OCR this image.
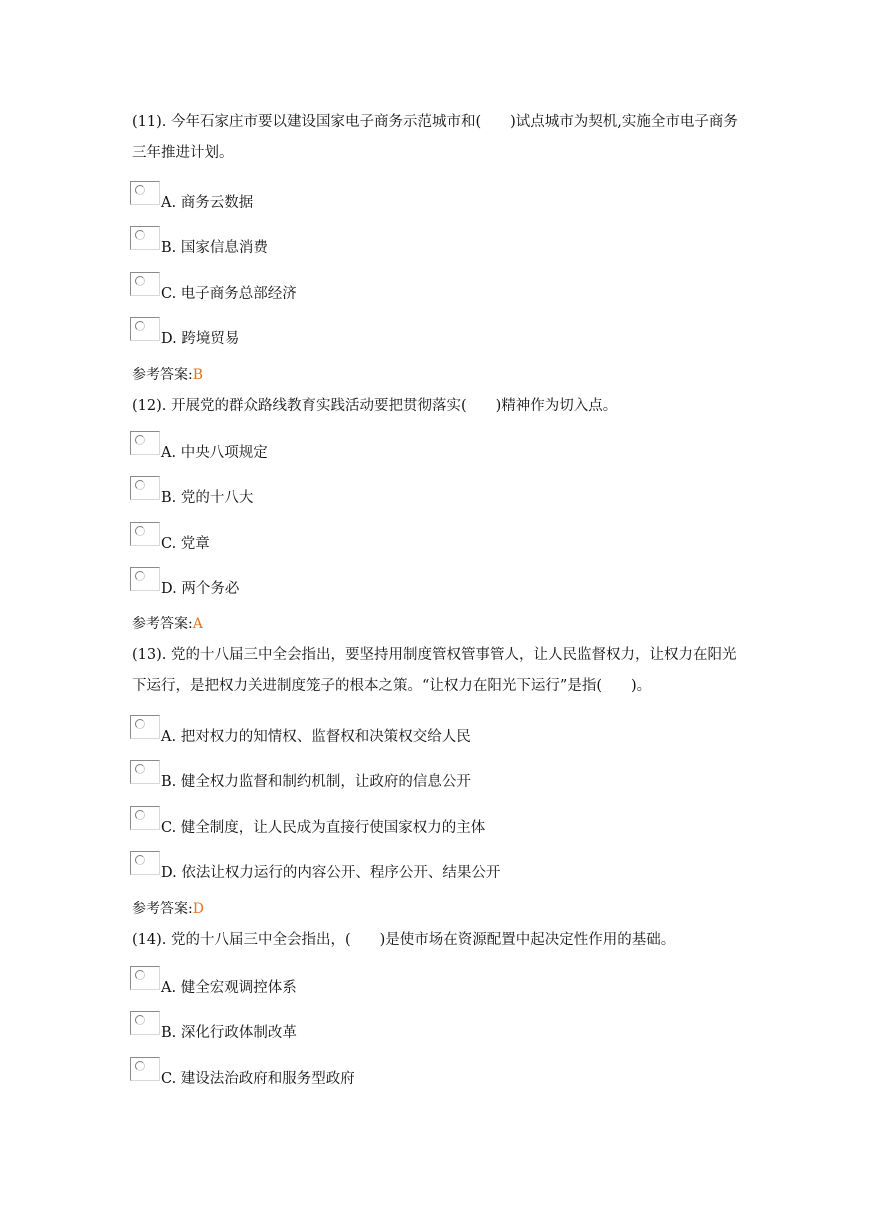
(11). 今年石家庄市要以建设国家电子商务示范城市和(　　)试点城市为契机,实施全市电子商务三年推进计划。
A. 商务云数据
B. 国家信息消费
C. 电子商务总部经济
D. 跨境贸易
参考答案:B
(12). 开展党的群众路线教育实践活动要把贯彻落实(　　)精神作为切入点。
A. 中央八项规定
B. 党的十八大
C. 党章
D. 两个务必
参考答案:A
(13). 党的十八届三中全会指出，要坚持用制度管权管事管人，让人民监督权力，让权力在阳光下运行，是把权力关进制度笼子的根本之策。“让权力在阳光下运行”是指(　　)。
A. 把对权力的知情权、监督权和决策权交给人民
B. 健全权力监督和制约机制，让政府的信息公开
C. 健全制度，让人民成为直接行使国家权力的主体
D. 依法让权力运行的内容公开、程序公开、结果公开
参考答案:D
(14). 党的十八届三中全会指出，(　　)是使市场在资源配置中起决定性作用的基础。
A. 健全宏观调控体系
B. 深化行政体制改革
C. 建设法治政府和服务型政府
